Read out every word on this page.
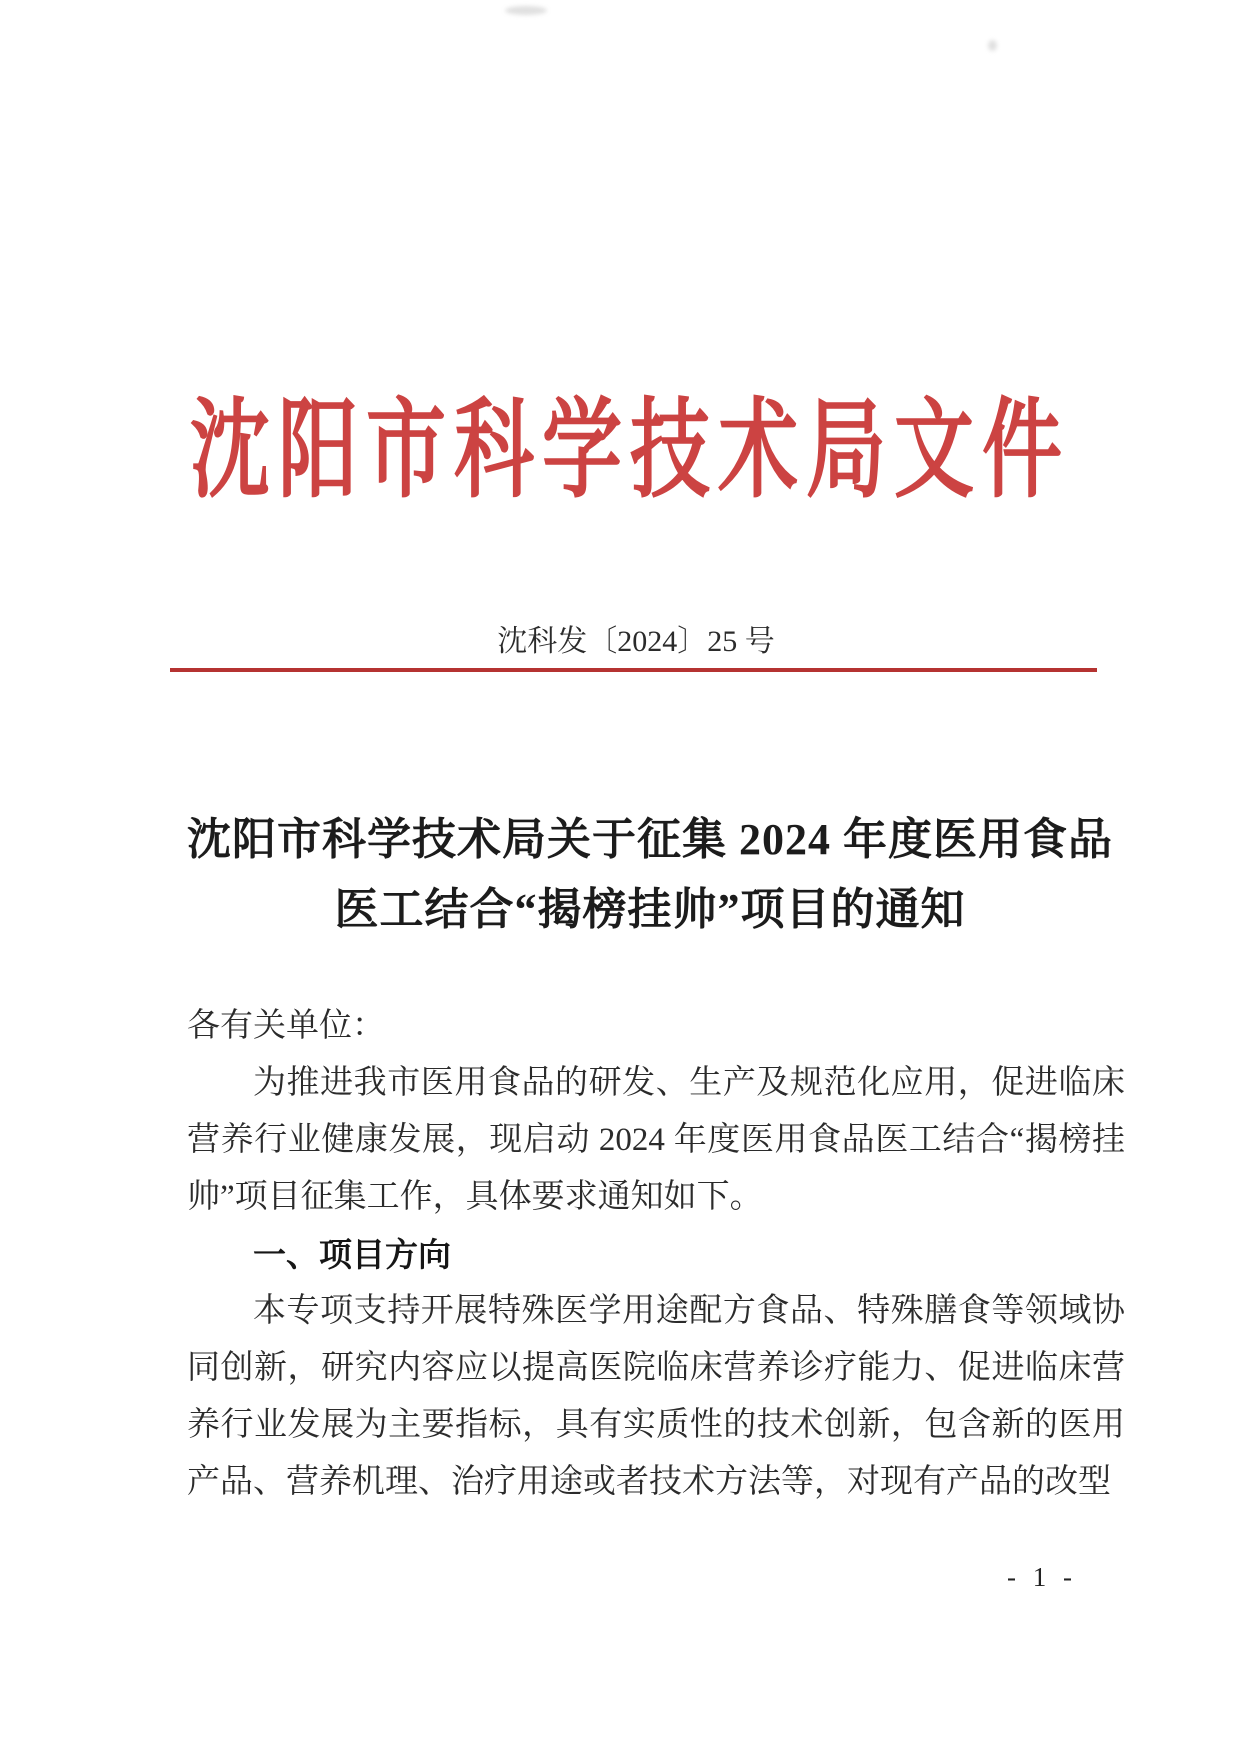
沈阳市科学技术局文件
沈科发〔2024〕25 号
沈阳市科学技术局关于征集 2024 年度医用食品
医工结合“揭榜挂帅”项目的通知

各有关单位：

为推进我市医用食品的研发、生产及规范化应用，促进临床营养行业健康发展，现启动 2024 年度医用食品医工结合“揭榜挂帅”项目征集工作，具体要求通知如下。

一、项目方向

本专项支持开展特殊医学用途配方食品、特殊膳食等领域协同创新，研究内容应以提高医院临床营养诊疗能力、促进临床营养行业发展为主要指标，具有实质性的技术创新，包含新的医用产品、营养机理、治疗用途或者技术方法等，对现有产品的改型

- 1 -
